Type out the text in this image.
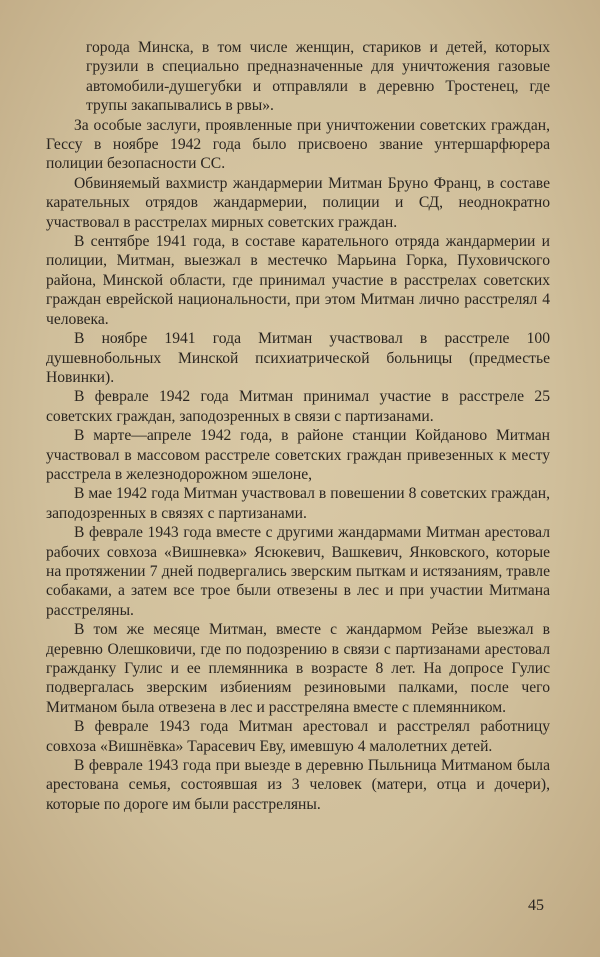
города Минска, в том числе женщин, стариков и детей, которых грузили в специально предназначенные для уничтожения газовые автомобили-душегубки и отправляли в деревню Тростенец, где трупы закапывались в рвы».

За особые заслуги, проявленные при уничтожении советских граждан, Гессу в ноябре 1942 года было присвоено звание унтершарфюрера полиции безопасности СС.

Обвиняемый вахмистр жандармерии Митман Бруно Франц, в составе карательных отрядов жандармерии, полиции и СД, неоднократно участвовал в расстрелах мирных советских граждан.

В сентябре 1941 года, в составе карательного отряда жандармерии и полиции, Митман, выезжал в местечко Марьина Горка, Пуховичского района, Минской области, где принимал участие в расстрелах советских граждан еврейской национальности, при этом Митман лично расстрелял 4 человека.

В ноябре 1941 года Митман участвовал в расстреле 100 душевнобольных Минской психиатрической больницы (предместье Новинки).

В феврале 1942 года Митман принимал участие в расстреле 25 советских граждан, заподозренных в связи с партизанами.

В марте—апреле 1942 года, в районе станции Койданово Митман участвовал в массовом расстреле советских граждан привезенных к месту расстрела в железнодорожном эшелоне,

В мае 1942 года Митман участвовал в повешении 8 советских граждан, заподозренных в связях с партизанами.

В феврале 1943 года вместе с другими жандармами Митман арестовал рабочих совхоза «Вишневка» Ясюкевич, Вашкевич, Янковского, которые на протяжении 7 дней подвергались зверским пыткам и истязаниям, травле собаками, а затем все трое были отвезены в лес и при участии Митмана расстреляны.

В том же месяце Митман, вместе с жандармом Рейзе выезжал в деревню Олешковичи, где по подозрению в связи с партизанами арестовал гражданку Гулис и ее племянника в возрасте 8 лет. На допросе Гулис подвергалась зверским избиениям резиновыми палками, после чего Митманом была отвезена в лес и расстреляна вместе с племянником.

В феврале 1943 года Митман арестовал и расстрелял работницу совхоза «Вишнёвка» Тарасевич Еву, имевшую 4 малолетних детей.

В феврале 1943 года при выезде в деревню Пыльница Митманом была арестована семья, состоявшая из 3 человек (матери, отца и дочери), которые по дороге им были расстреляны.

45
